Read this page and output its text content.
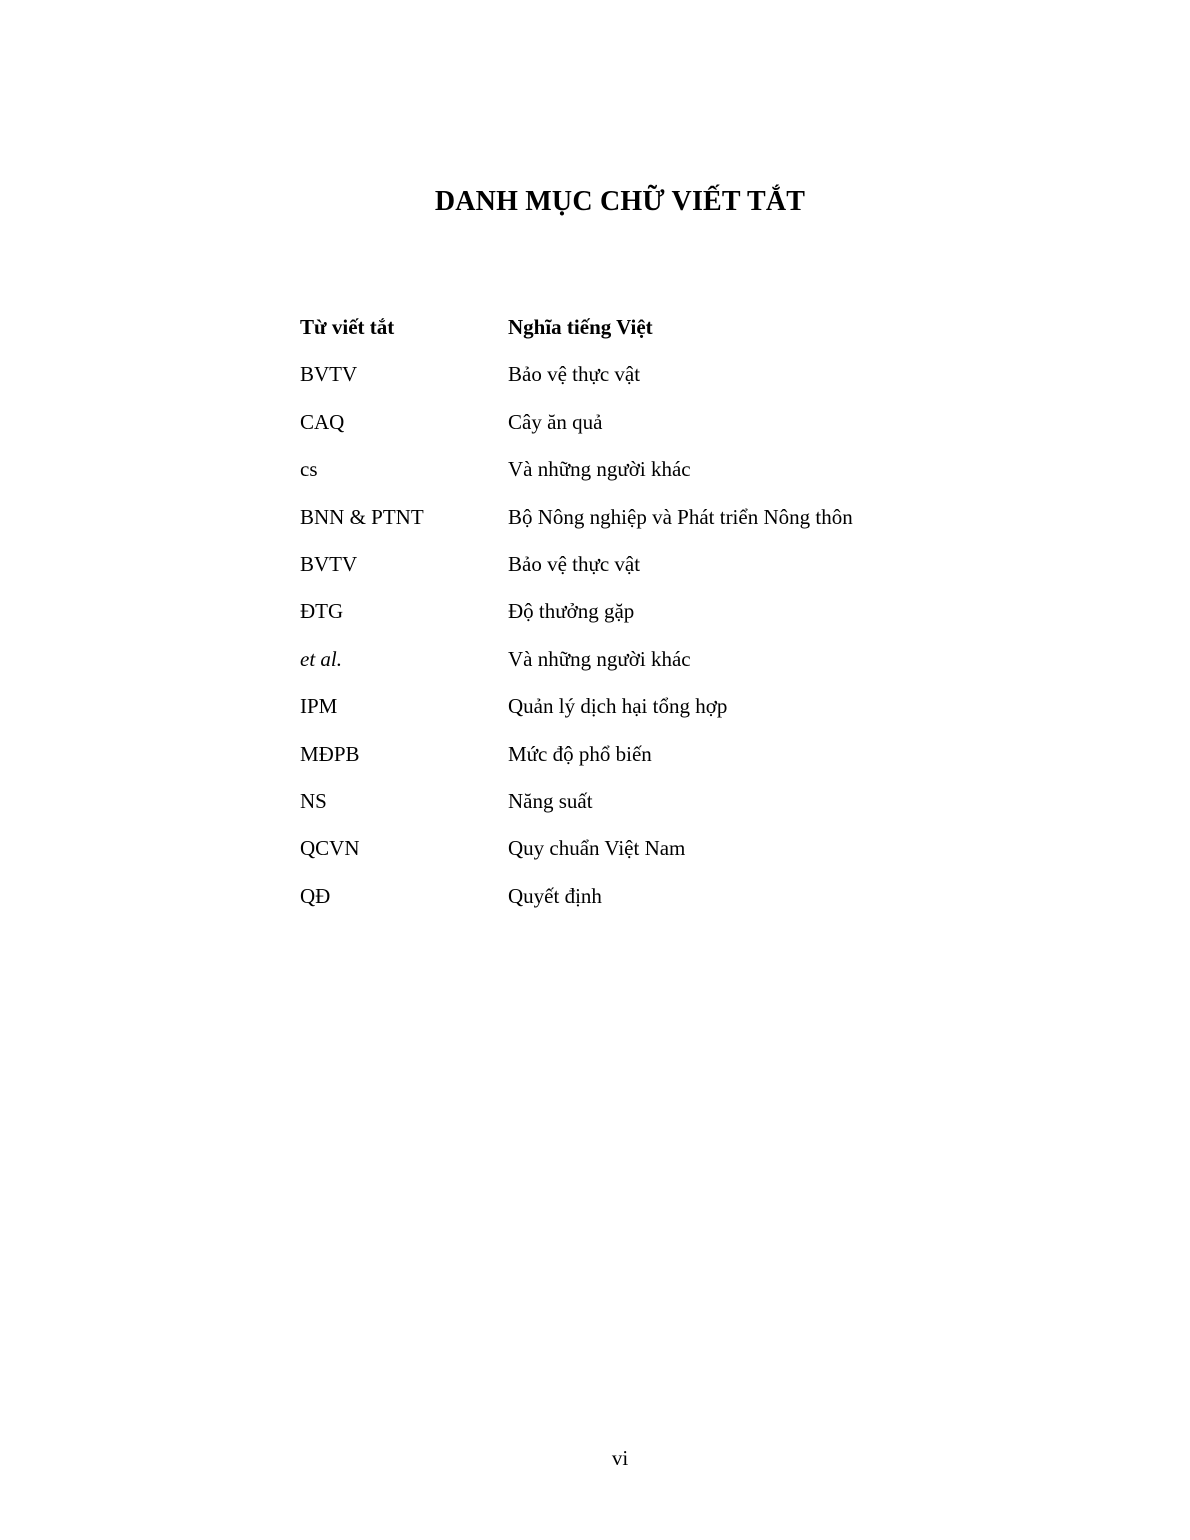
DANH MỤC CHỮ VIẾT TẮT
Từ viết tắt	Nghĩa tiếng Việt
BVTV	Bảo vệ thực vật
CAQ	Cây ăn quả
cs	Và những người khác
BNN & PTNT	Bộ Nông nghiệp và Phát triển Nông thôn
BVTV	Bảo vệ thực vật
ĐTG	Độ thưởng gặp
et al.	Và những người khác
IPM	Quản lý dịch hại tổng hợp
MĐPB	Mức độ phổ biến
NS	Năng suất
QCVN	Quy chuẩn Việt Nam
QĐ	Quyết định
vi
